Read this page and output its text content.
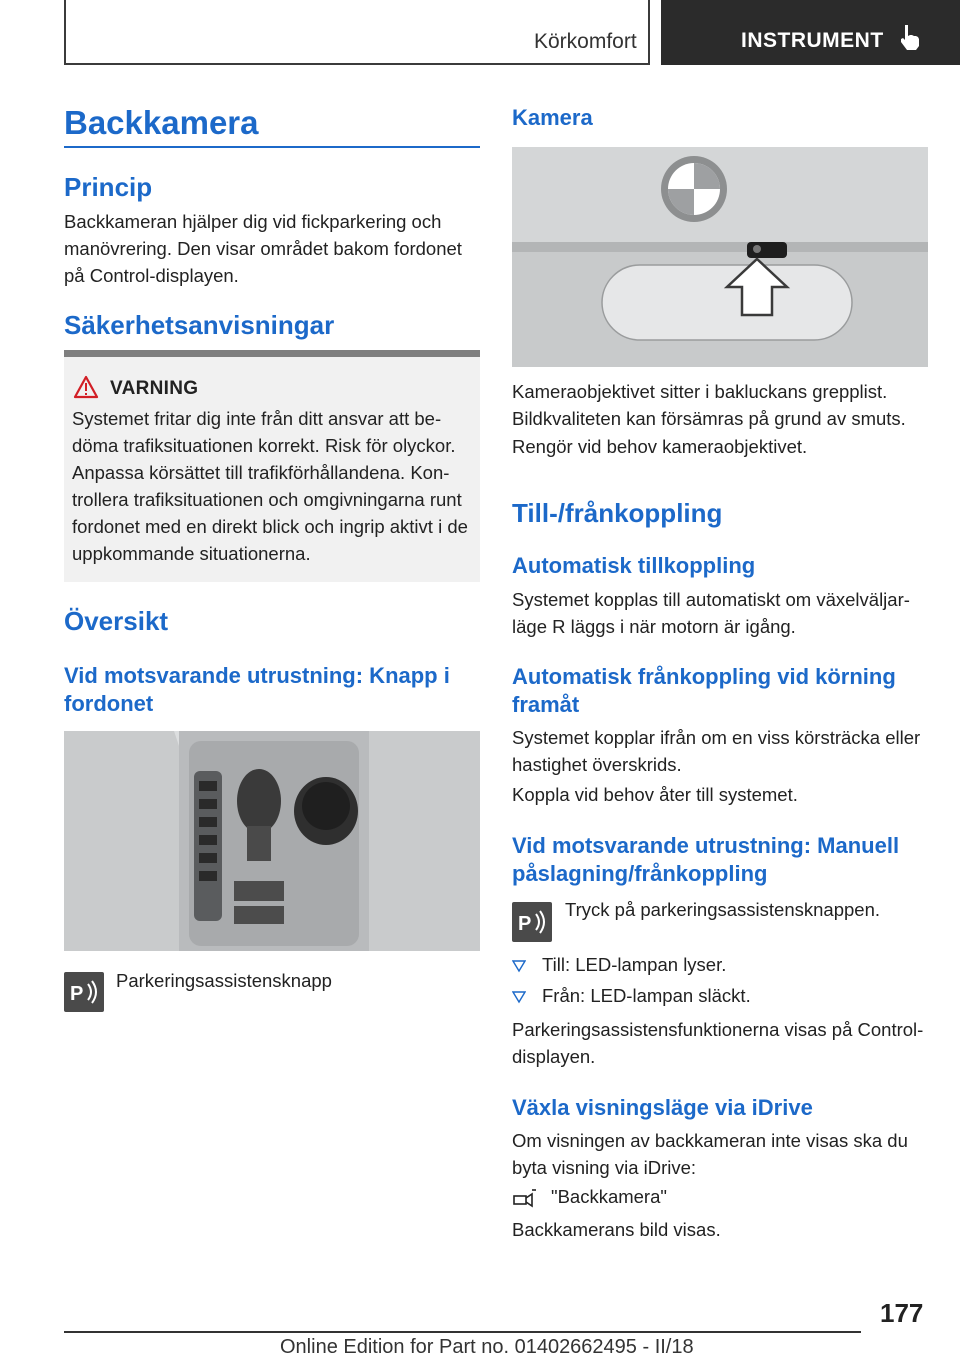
Körkomfort	INSTRUMENT
Backkamera
Princip
Backkameran hjälper dig vid fickparkering och manövrering. Den visar området bakom fordonet på Control-displayen.
Säkerhetsanvisningar
VARNING
Systemet fritar dig inte från ditt ansvar att bedöma trafiksituationen korrekt. Risk för olyckor. Anpassa körsättet till trafikförhållandena. Kontrollera trafiksituationen och omgivningarna runt fordonet med en direkt blick och ingrip aktivt i de uppkommande situationerna.
Översikt
Vid motsvarande utrustning: Knapp i fordonet
P
Parkeringsassistensknapp
Kamera
Kameraobjektivet sitter i bakluckans grepplist. Bildkvaliteten kan försämras på grund av smuts.
Rengör vid behov kameraobjektivet.
Till-/frånkoppling
Automatisk tillkoppling
Systemet kopplas till automatiskt om växelväljarläge R läggs i när motorn är igång.
Automatisk frånkoppling vid körning framåt
Systemet kopplar ifrån om en viss körsträcka eller hastighet överskrids.
Koppla vid behov åter till systemet.
Vid motsvarande utrustning: Manuell påslagning/frånkoppling
P
Tryck på parkeringsassistensknappen.
Till: LED-lampan lyser.
Från: LED-lampan släckt.
Parkeringsassistensfunktionerna visas på Control-displayen.
Växla visningsläge via iDrive
Om visningen av backkameran inte visas ska du byta visning via iDrive:
"Backkamera"
Backkamerans bild visas.
177
Online Edition for Part no. 01402662495 - II/18
